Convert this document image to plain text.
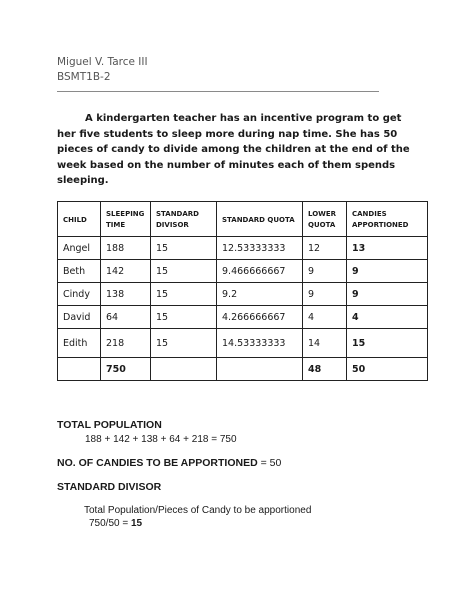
Miguel V. Tarce III
BSMT1B-2
A kindergarten teacher has an incentive program to get her five students to sleep more during nap time. She has 50 pieces of candy to divide among the children at the end of the week based on the number of minutes each of them spends sleeping.
CHILD	SLEEPING TIME	STANDARD DIVISOR	STANDARD QUOTA	LOWER QUOTA	CANDIES APPORTIONED
Angel	188	15	12.53333333	12	13
Beth	142	15	9.466666667	9	9
Cindy	138	15	9.2	9	9
David	64	15	4.266666667	4	4
Edith	218	15	14.53333333	14	15
	750			48	50
TOTAL POPULATION
188 + 142 + 138 + 64 + 218 = 750
NO. OF CANDIES TO BE APPORTIONED = 50
STANDARD DIVISOR
Total Population/Pieces of Candy to be apportioned
750/50 = 15
